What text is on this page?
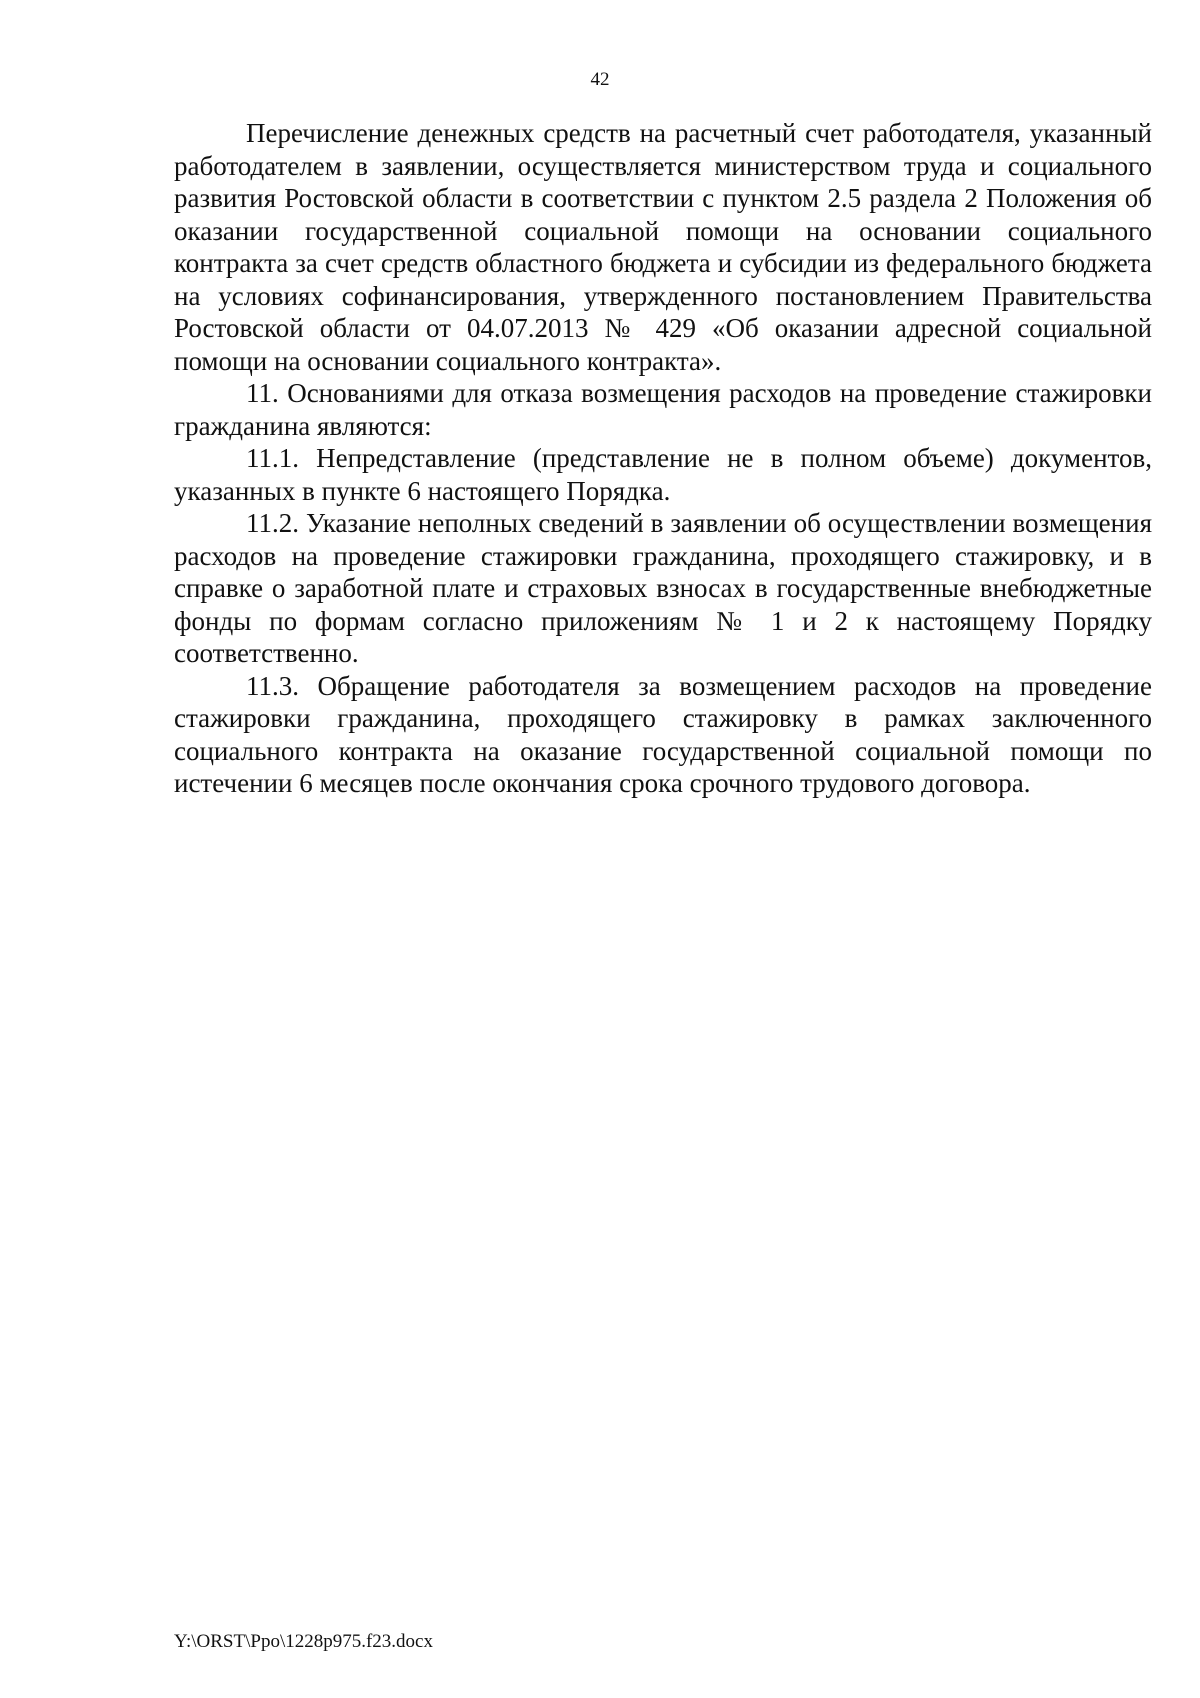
42

Перечисление денежных средств на расчетный счет работодателя, указанный работодателем в заявлении, осуществляется министерством труда и социального развития Ростовской области в соответствии с пунктом 2.5 раздела 2 Положения об оказании государственной социальной помощи на основании социального контракта за счет средств областного бюджета и субсидии из федерального бюджета на условиях софинансирования, утвержденного постановлением Правительства Ростовской области от 04.07.2013 № 429 «Об оказании адресной социальной помощи на основании социального контракта».

11. Основаниями для отказа возмещения расходов на проведение стажировки гражданина являются:

11.1. Непредставление (представление не в полном объеме) документов, указанных в пункте 6 настоящего Порядка.

11.2. Указание неполных сведений в заявлении об осуществлении возмещения расходов на проведение стажировки гражданина, проходящего стажировку, и в справке о заработной плате и страховых взносах в государственные внебюджетные фонды по формам согласно приложениям № 1 и 2 к настоящему Порядку соответственно.

11.3. Обращение работодателя за возмещением расходов на проведение стажировки гражданина, проходящего стажировку в рамках заключенного социального контракта на оказание государственной социальной помощи по истечении 6 месяцев после окончания срока срочного трудового договора.

Y:\ORST\Ppo\1228p975.f23.docx
